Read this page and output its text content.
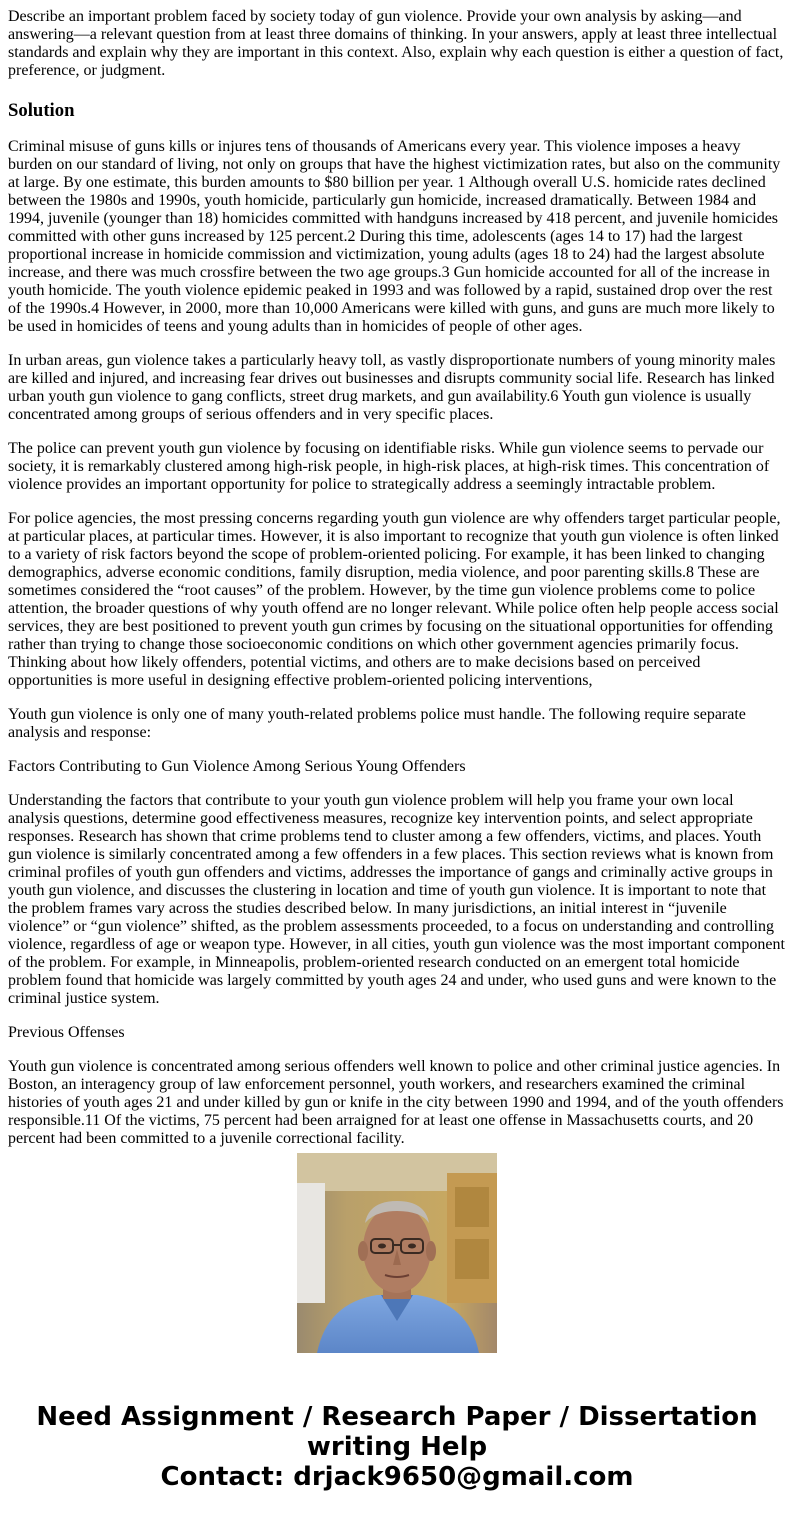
Describe an important problem faced by society today of gun violence. Provide your own analysis by asking—and answering—a relevant question from at least three domains of thinking. In your answers, apply at least three intellectual standards and explain why they are important in this context. Also, explain why each question is either a question of fact, preference, or judgment.

Solution

Criminal misuse of guns kills or injures tens of thousands of Americans every year. This violence imposes a heavy burden on our standard of living, not only on groups that have the highest victimization rates, but also on the community at large. By one estimate, this burden amounts to $80 billion per year. 1 Although overall U.S. homicide rates declined between the 1980s and 1990s, youth homicide, particularly gun homicide, increased dramatically. Between 1984 and 1994, juvenile (younger than 18) homicides committed with handguns increased by 418 percent, and juvenile homicides committed with other guns increased by 125 percent.2 During this time, adolescents (ages 14 to 17) had the largest proportional increase in homicide commission and victimization, young adults (ages 18 to 24) had the largest absolute increase, and there was much crossfire between the two age groups.3 Gun homicide accounted for all of the increase in youth homicide. The youth violence epidemic peaked in 1993 and was followed by a rapid, sustained drop over the rest of the 1990s.4 However, in 2000, more than 10,000 Americans were killed with guns, and guns are much more likely to be used in homicides of teens and young adults than in homicides of people of other ages.

In urban areas, gun violence takes a particularly heavy toll, as vastly disproportionate numbers of young minority males are killed and injured, and increasing fear drives out businesses and disrupts community social life. Research has linked urban youth gun violence to gang conflicts, street drug markets, and gun availability.6 Youth gun violence is usually concentrated among groups of serious offenders and in very specific places.

The police can prevent youth gun violence by focusing on identifiable risks. While gun violence seems to pervade our society, it is remarkably clustered among high-risk people, in high-risk places, at high-risk times. This concentration of violence provides an important opportunity for police to strategically address a seemingly intractable problem.

For police agencies, the most pressing concerns regarding youth gun violence are why offenders target particular people, at particular places, at particular times. However, it is also important to recognize that youth gun violence is often linked to a variety of risk factors beyond the scope of problem-oriented policing. For example, it has been linked to changing demographics, adverse economic conditions, family disruption, media violence, and poor parenting skills.8 These are sometimes considered the “root causes” of the problem. However, by the time gun violence problems come to police attention, the broader questions of why youth offend are no longer relevant. While police often help people access social services, they are best positioned to prevent youth gun crimes by focusing on the situational opportunities for offending rather than trying to change those socioeconomic conditions on which other government agencies primarily focus. Thinking about how likely offenders, potential victims, and others are to make decisions based on perceived opportunities is more useful in designing effective problem-oriented policing interventions,

Youth gun violence is only one of many youth-related problems police must handle. The following require separate analysis and response:

Factors Contributing to Gun Violence Among Serious Young Offenders

Understanding the factors that contribute to your youth gun violence problem will help you frame your own local analysis questions, determine good effectiveness measures, recognize key intervention points, and select appropriate responses. Research has shown that crime problems tend to cluster among a few offenders, victims, and places. Youth gun violence is similarly concentrated among a few offenders in a few places. This section reviews what is known from criminal profiles of youth gun offenders and victims, addresses the importance of gangs and criminally active groups in youth gun violence, and discusses the clustering in location and time of youth gun violence. It is important to note that the problem frames vary across the studies described below. In many jurisdictions, an initial interest in “juvenile violence” or “gun violence” shifted, as the problem assessments proceeded, to a focus on understanding and controlling violence, regardless of age or weapon type. However, in all cities, youth gun violence was the most important component of the problem. For example, in Minneapolis, problem-oriented research conducted on an emergent total homicide problem found that homicide was largely committed by youth ages 24 and under, who used guns and were known to the criminal justice system.

Previous Offenses

Youth gun violence is concentrated among serious offenders well known to police and other criminal justice agencies. In Boston, an interagency group of law enforcement personnel, youth workers, and researchers examined the criminal histories of youth ages 21 and under killed by gun or knife in the city between 1990 and 1994, and of the youth offenders responsible.11 Of the victims, 75 percent had been arraigned for at least one offense in Massachusetts courts, and 20 percent had been committed to a juvenile correctional facility.

Need Assignment / Research Paper / Dissertation
writing Help
Contact: drjack9650@gmail.com
